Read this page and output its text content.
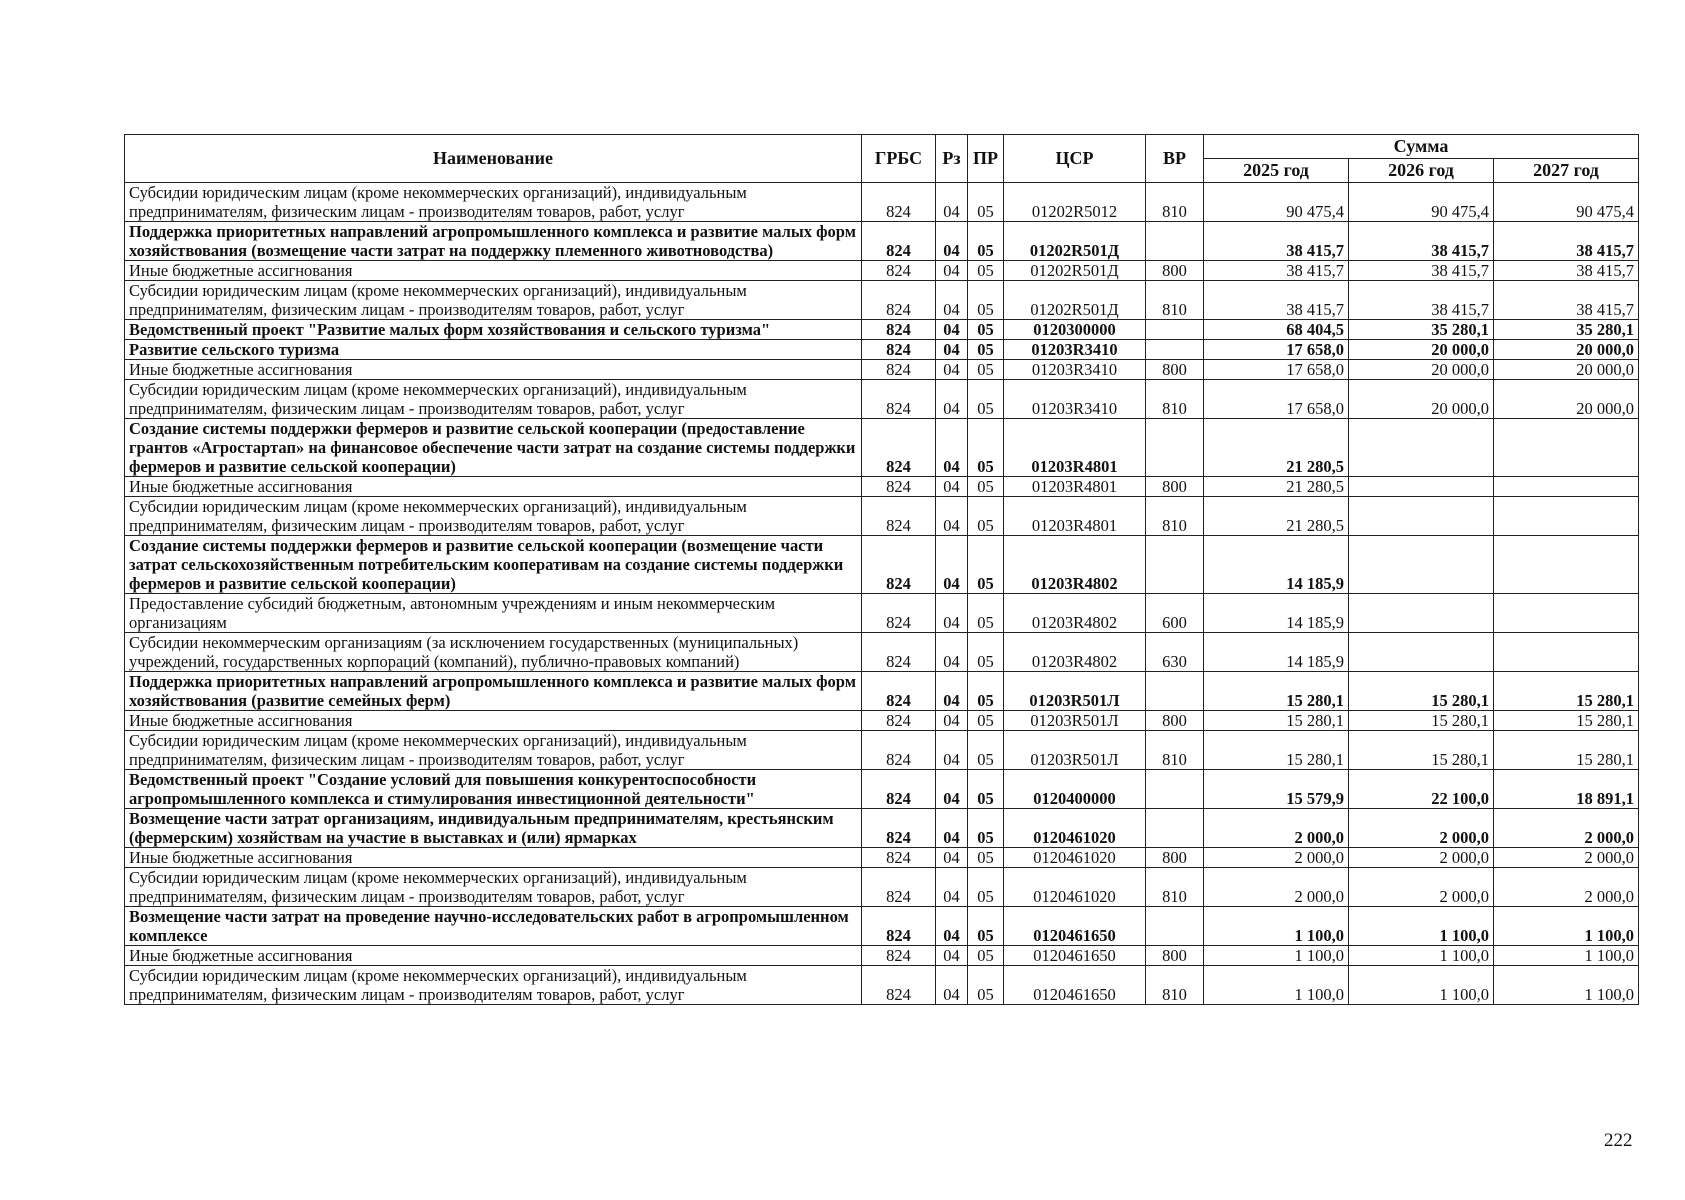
Наименование	ГРБС	Рз	ПР	ЦСР	ВР	Сумма		
						2025 год	2026 год	2027 год
Субсидии юридическим лицам (кроме некоммерческих организаций), индивидуальным предпринимателям, физическим лицам - производителям товаров, работ, услуг	824	04	05	01202R5012	810	90 475,4	90 475,4	90 475,4
Поддержка приоритетных направлений агропромышленного комплекса и развитие малых форм хозяйствования (возмещение части затрат на поддержку племенного животноводства)	824	04	05	01202R501Д		38 415,7	38 415,7	38 415,7
Иные бюджетные ассигнования	824	04	05	01202R501Д	800	38 415,7	38 415,7	38 415,7
Субсидии юридическим лицам (кроме некоммерческих организаций), индивидуальным предпринимателям, физическим лицам - производителям товаров, работ, услуг	824	04	05	01202R501Д	810	38 415,7	38 415,7	38 415,7
Ведомственный проект "Развитие малых форм хозяйствования и сельского туризма"	824	04	05	0120300000		68 404,5	35 280,1	35 280,1
Развитие сельского туризма	824	04	05	01203R3410		17 658,0	20 000,0	20 000,0
Иные бюджетные ассигнования	824	04	05	01203R3410	800	17 658,0	20 000,0	20 000,0
Субсидии юридическим лицам (кроме некоммерческих организаций), индивидуальным предпринимателям, физическим лицам - производителям товаров, работ, услуг	824	04	05	01203R3410	810	17 658,0	20 000,0	20 000,0
Создание системы поддержки фермеров и развитие сельской кооперации (предоставление грантов «Агростартап» на финансовое обеспечение части затрат на создание системы поддержки фермеров и развитие сельской кооперации)	824	04	05	01203R4801		21 280,5		
Иные бюджетные ассигнования	824	04	05	01203R4801	800	21 280,5		
Субсидии юридическим лицам (кроме некоммерческих организаций), индивидуальным предпринимателям, физическим лицам - производителям товаров, работ, услуг	824	04	05	01203R4801	810	21 280,5		
Создание системы поддержки фермеров и развитие сельской кооперации (возмещение части затрат сельскохозяйственным потребительским кооперативам на создание системы поддержки фермеров и развитие сельской кооперации)	824	04	05	01203R4802		14 185,9		
Предоставление субсидий бюджетным, автономным учреждениям и иным некоммерческим организациям	824	04	05	01203R4802	600	14 185,9		
Субсидии некоммерческим организациям (за исключением государственных (муниципальных) учреждений, государственных корпораций (компаний), публично-правовых компаний)	824	04	05	01203R4802	630	14 185,9		
Поддержка приоритетных направлений агропромышленного комплекса и развитие малых форм хозяйствования (развитие семейных ферм)	824	04	05	01203R501Л		15 280,1	15 280,1	15 280,1
Иные бюджетные ассигнования	824	04	05	01203R501Л	800	15 280,1	15 280,1	15 280,1
Субсидии юридическим лицам (кроме некоммерческих организаций), индивидуальным предпринимателям, физическим лицам - производителям товаров, работ, услуг	824	04	05	01203R501Л	810	15 280,1	15 280,1	15 280,1
Ведомственный проект "Создание условий для повышения конкурентоспособности агропромышленного комплекса и стимулирования инвестиционной деятельности"	824	04	05	0120400000		15 579,9	22 100,0	18 891,1
Возмещение части затрат организациям, индивидуальным предпринимателям, крестьянским (фермерским) хозяйствам на участие в выставках и (или) ярмарках	824	04	05	0120461020		2 000,0	2 000,0	2 000,0
Иные бюджетные ассигнования	824	04	05	0120461020	800	2 000,0	2 000,0	2 000,0
Субсидии юридическим лицам (кроме некоммерческих организаций), индивидуальным предпринимателям, физическим лицам - производителям товаров, работ, услуг	824	04	05	0120461020	810	2 000,0	2 000,0	2 000,0
Возмещение части затрат на проведение научно-исследовательских работ в агропромышленном комплексе	824	04	05	0120461650		1 100,0	1 100,0	1 100,0
Иные бюджетные ассигнования	824	04	05	0120461650	800	1 100,0	1 100,0	1 100,0
Субсидии юридическим лицам (кроме некоммерческих организаций), индивидуальным предпринимателям, физическим лицам - производителям товаров, работ, услуг	824	04	05	0120461650	810	1 100,0	1 100,0	1 100,0
222
